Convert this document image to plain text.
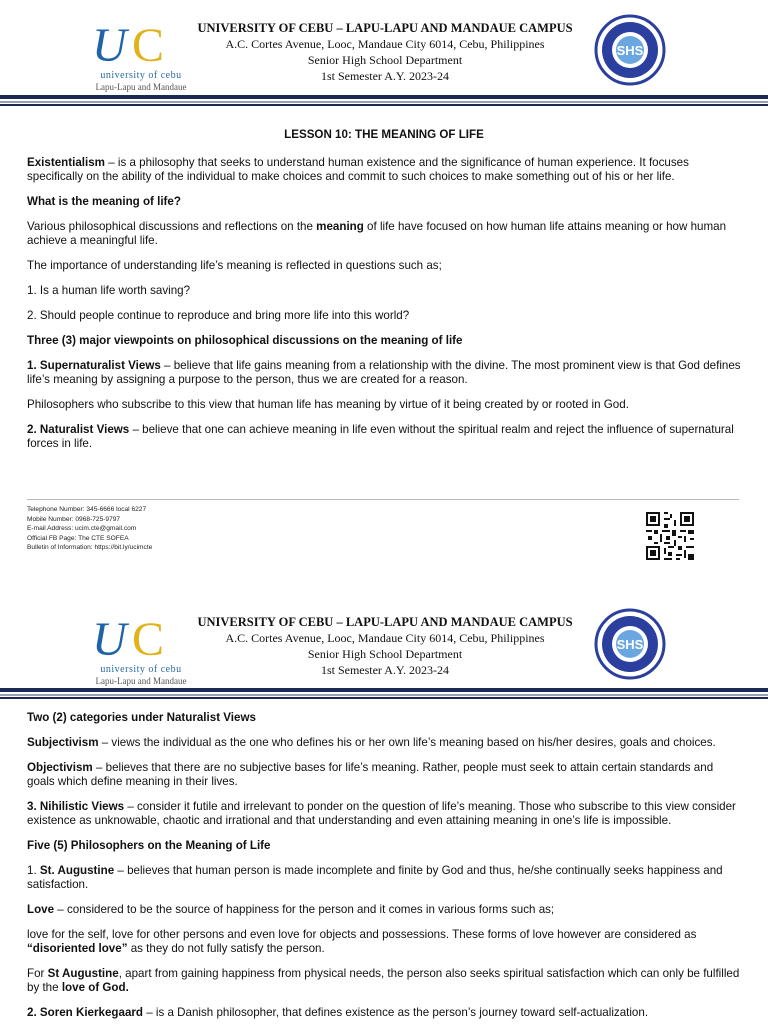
U C
university of cebu
Lapu-Lapu and Mandaue
UNIVERSITY OF CEBU – LAPU-LAPU AND MANDAUE CAMPUS
A.C. Cortes Avenue, Looc, Mandaue City 6014, Cebu, Philippines
Senior High School Department
1st Semester A.Y. 2023-24
SHS

LESSON 10: THE MEANING OF LIFE

Existentialism – is a philosophy that seeks to understand human existence and the significance of human experience. It focuses specifically on the ability of the individual to make choices and commit to such choices to make something out of his or her life.

What is the meaning of life?

Various philosophical discussions and reflections on the meaning of life have focused on how human life attains meaning or how human achieve a meaningful life.

The importance of understanding life’s meaning is reflected in questions such as;

1. Is a human life worth saving?

2. Should people continue to reproduce and bring more life into this world?

Three (3) major viewpoints on philosophical discussions on the meaning of life

1. Supernaturalist Views – believe that life gains meaning from a relationship with the divine. The most prominent view is that God defines life’s meaning by assigning a purpose to the person, thus we are created for a reason.

Philosophers who subscribe to this view that human life has meaning by virtue of it being created by or rooted in God.

2. Naturalist Views – believe that one can achieve meaning in life even without the spiritual realm and reject the influence of supernatural forces in life.

Telephone Number: 345-6666 local 6227
Mobile Number: 0968-725-9797
E-mail Address: ucim.cte@gmail.com
Official FB Page: The CTE SOFEA
Bulletin of Information: https://bit.ly/ucimcte
U C
university of cebu
Lapu-Lapu and Mandaue
UNIVERSITY OF CEBU – LAPU-LAPU AND MANDAUE CAMPUS
A.C. Cortes Avenue, Looc, Mandaue City 6014, Cebu, Philippines
Senior High School Department
1st Semester A.Y. 2023-24
SHS

Two (2) categories under Naturalist Views

Subjectivism – views the individual as the one who defines his or her own life’s meaning based on his/her desires, goals and choices.

Objectivism – believes that there are no subjective bases for life’s meaning. Rather, people must seek to attain certain standards and goals which define meaning in their lives.

3. Nihilistic Views – consider it futile and irrelevant to ponder on the question of life’s meaning. Those who subscribe to this view consider existence as unknowable, chaotic and irrational and that understanding and even attaining meaning in one’s life is impossible.

Five (5) Philosophers on the Meaning of Life

1. St. Augustine – believes that human person is made incomplete and finite by God and thus, he/she continually seeks happiness and satisfaction.

Love – considered to be the source of happiness for the person and it comes in various forms such as;

love for the self, love for other persons and even love for objects and possessions. These forms of love however are considered as “disoriented love” as they do not fully satisfy the person.

For St Augustine, apart from gaining happiness from physical needs, the person also seeks spiritual satisfaction which can only be fulfilled by the love of God.

2. Soren Kierkegaard – is a Danish philosopher, that defines existence as the person’s journey toward self-actualization.
